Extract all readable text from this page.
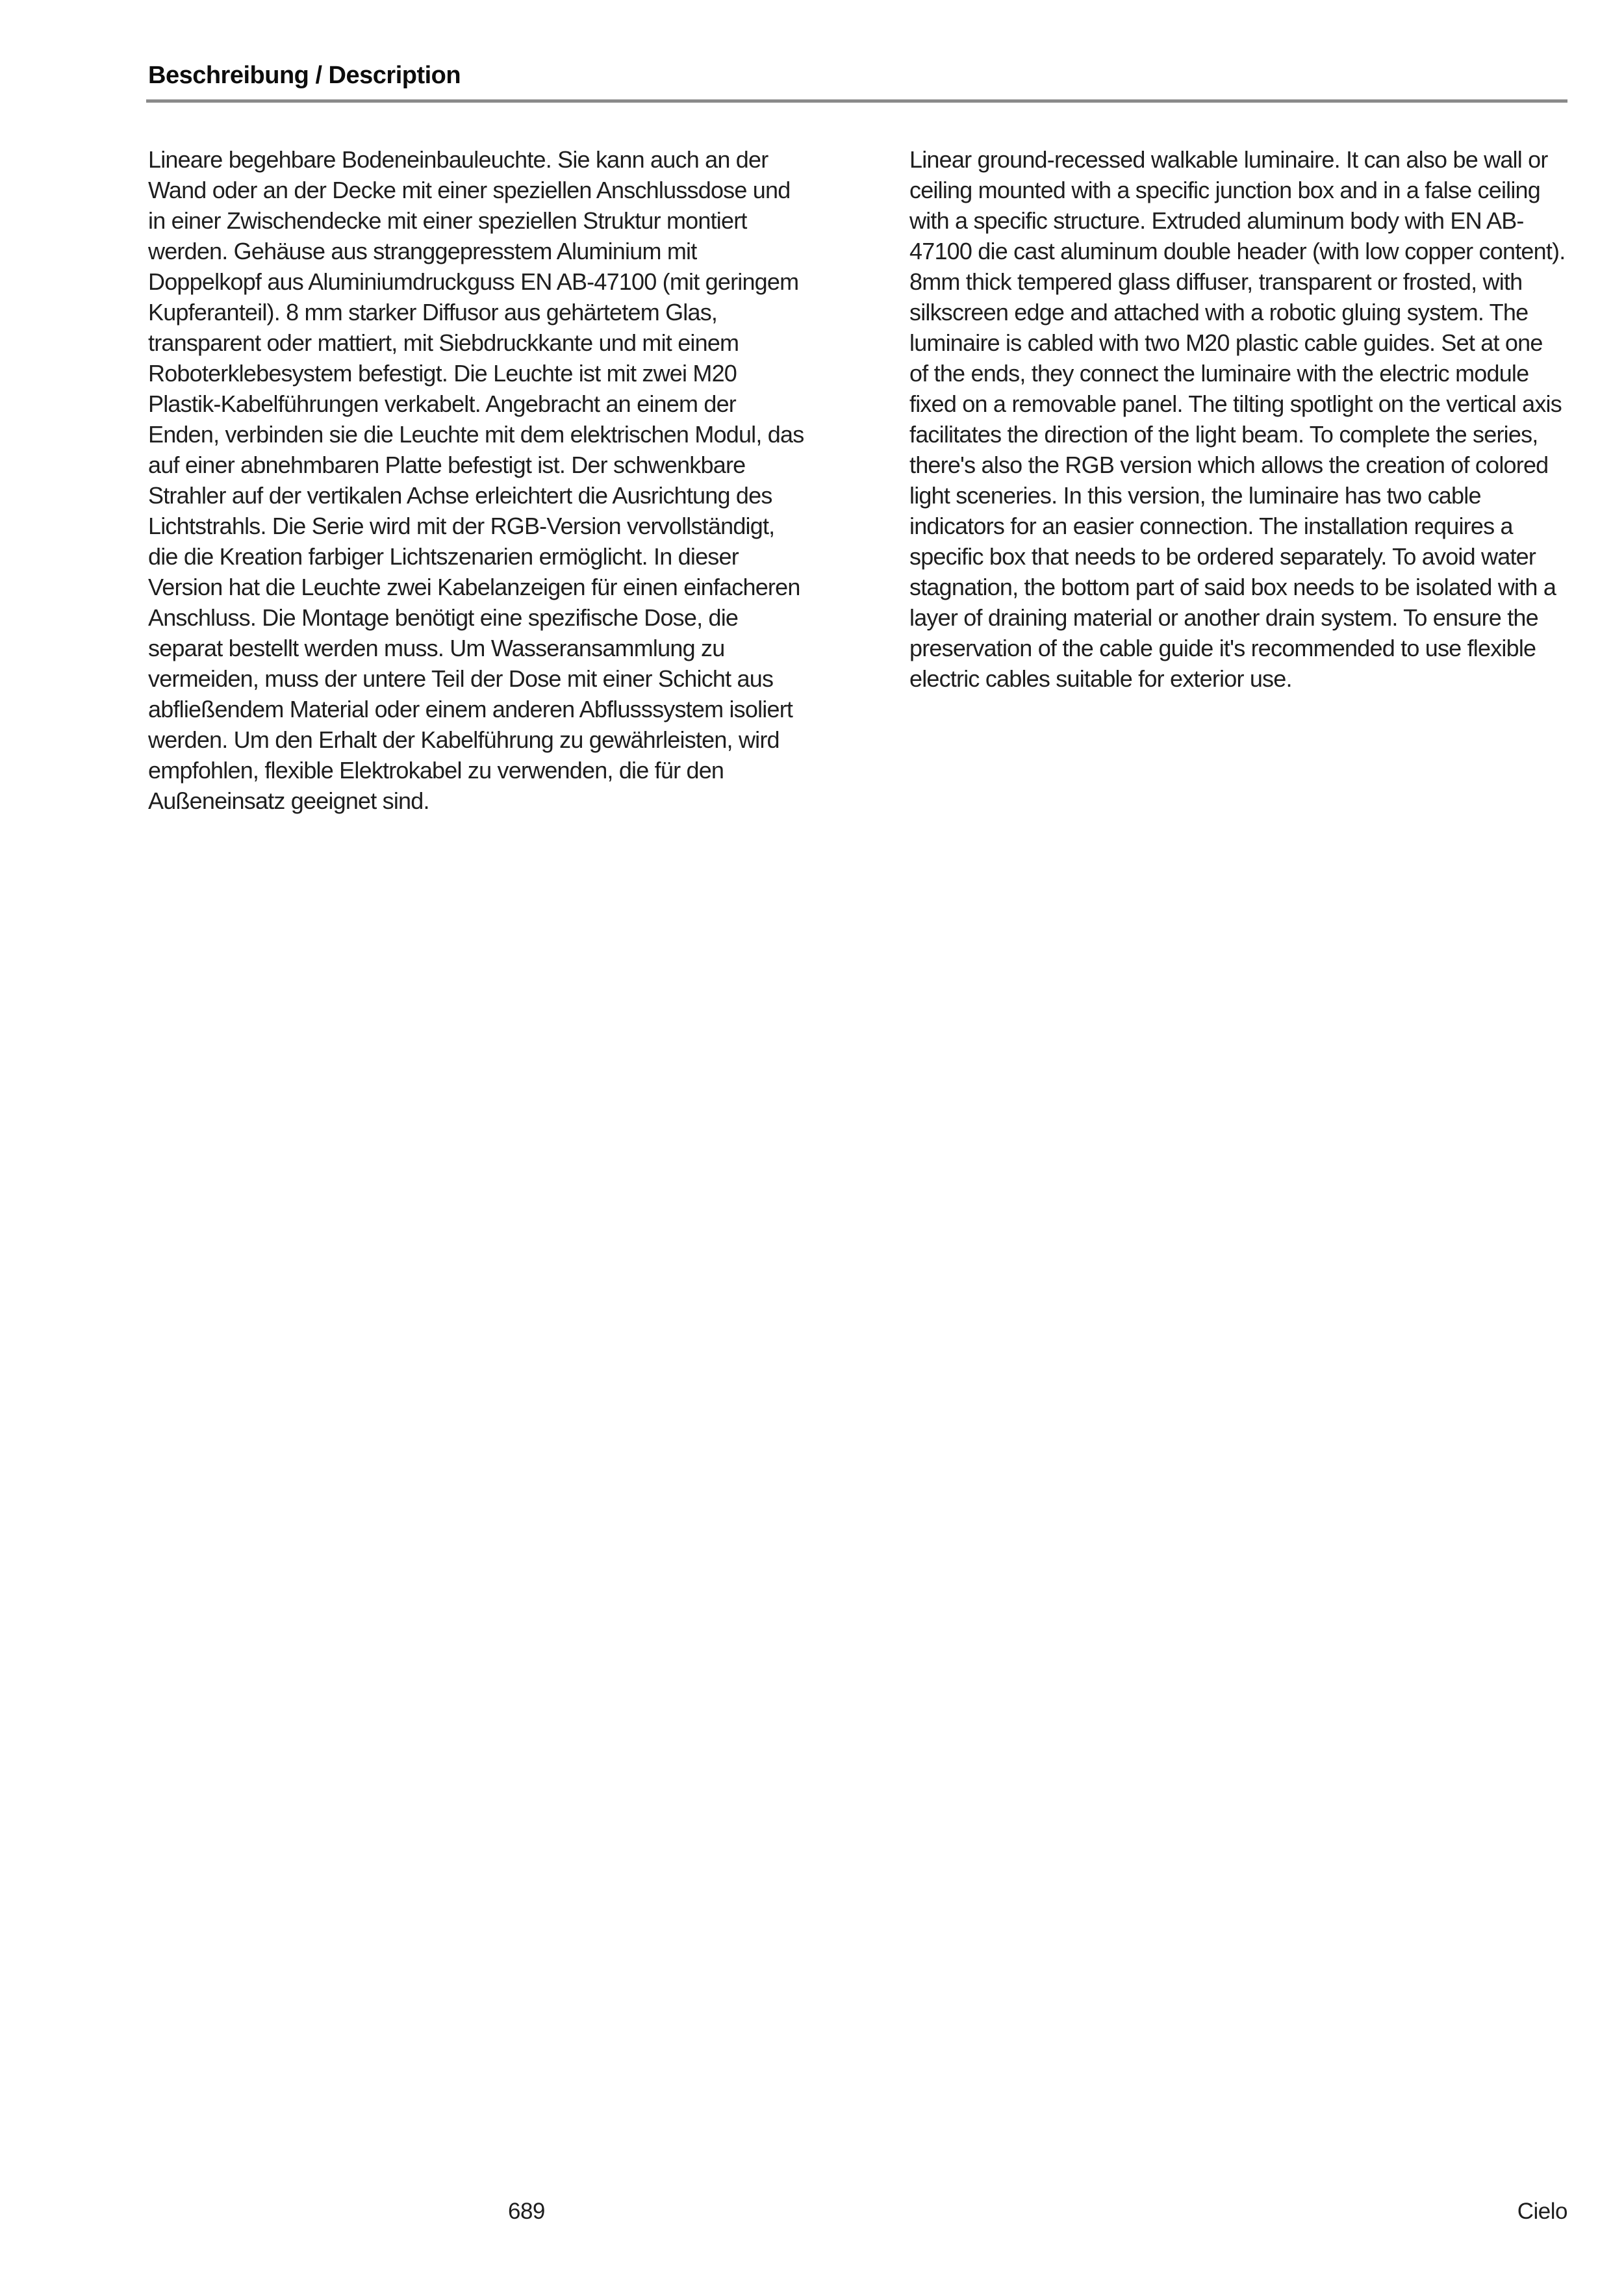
Beschreibung / Description

Lineare begehbare Bodeneinbauleuchte. Sie kann auch an der Wand oder an der Decke mit einer speziellen Anschlussdose und in einer Zwischendecke mit einer speziellen Struktur montiert werden. Gehäuse aus stranggepresstem Aluminium mit Doppelkopf aus Aluminiumdruckguss EN AB-47100 (mit geringem Kupferanteil). 8 mm starker Diffusor aus gehärtetem Glas, transparent oder mattiert, mit Siebdruckkante und mit einem Roboterklebesystem befestigt. Die Leuchte ist mit zwei M20 Plastik-Kabelführungen verkabelt. Angebracht an einem der Enden, verbinden sie die Leuchte mit dem elektrischen Modul, das auf einer abnehmbaren Platte befestigt ist. Der schwenkbare Strahler auf der vertikalen Achse erleichtert die Ausrichtung des Lichtstrahls. Die Serie wird mit der RGB-Version vervollständigt, die die Kreation farbiger Lichtszenarien ermöglicht. In dieser Version hat die Leuchte zwei Kabelanzeigen für einen einfacheren Anschluss. Die Montage benötigt eine spezifische Dose, die separat bestellt werden muss. Um Wasseransammlung zu vermeiden, muss der untere Teil der Dose mit einer Schicht aus abfließendem Material oder einem anderen Abflusssystem isoliert werden. Um den Erhalt der Kabelführung zu gewährleisten, wird empfohlen, flexible Elektrokabel zu verwenden, die für den Außeneinsatz geeignet sind.

Linear ground-recessed walkable luminaire. It can also be wall or ceiling mounted with a specific junction box and in a false ceiling with a specific structure. Extruded aluminum body with EN AB-47100 die cast aluminum double header (with low copper content). 8mm thick tempered glass diffuser, transparent or frosted, with silkscreen edge and attached with a robotic gluing system. The luminaire is cabled with two M20 plastic cable guides. Set at one of the ends, they connect the luminaire with the electric module fixed on a removable panel. The tilting spotlight on the vertical axis facilitates the direction of the light beam. To complete the series, there's also the RGB version which allows the creation of colored light sceneries. In this version, the luminaire has two cable indicators for an easier connection. The installation requires a specific box that needs to be ordered separately. To avoid water stagnation, the bottom part of said box needs to be isolated with a layer of draining material or another drain system. To ensure the preservation of the cable guide it's recommended to use flexible electric cables suitable for exterior use.

689	Cielo
